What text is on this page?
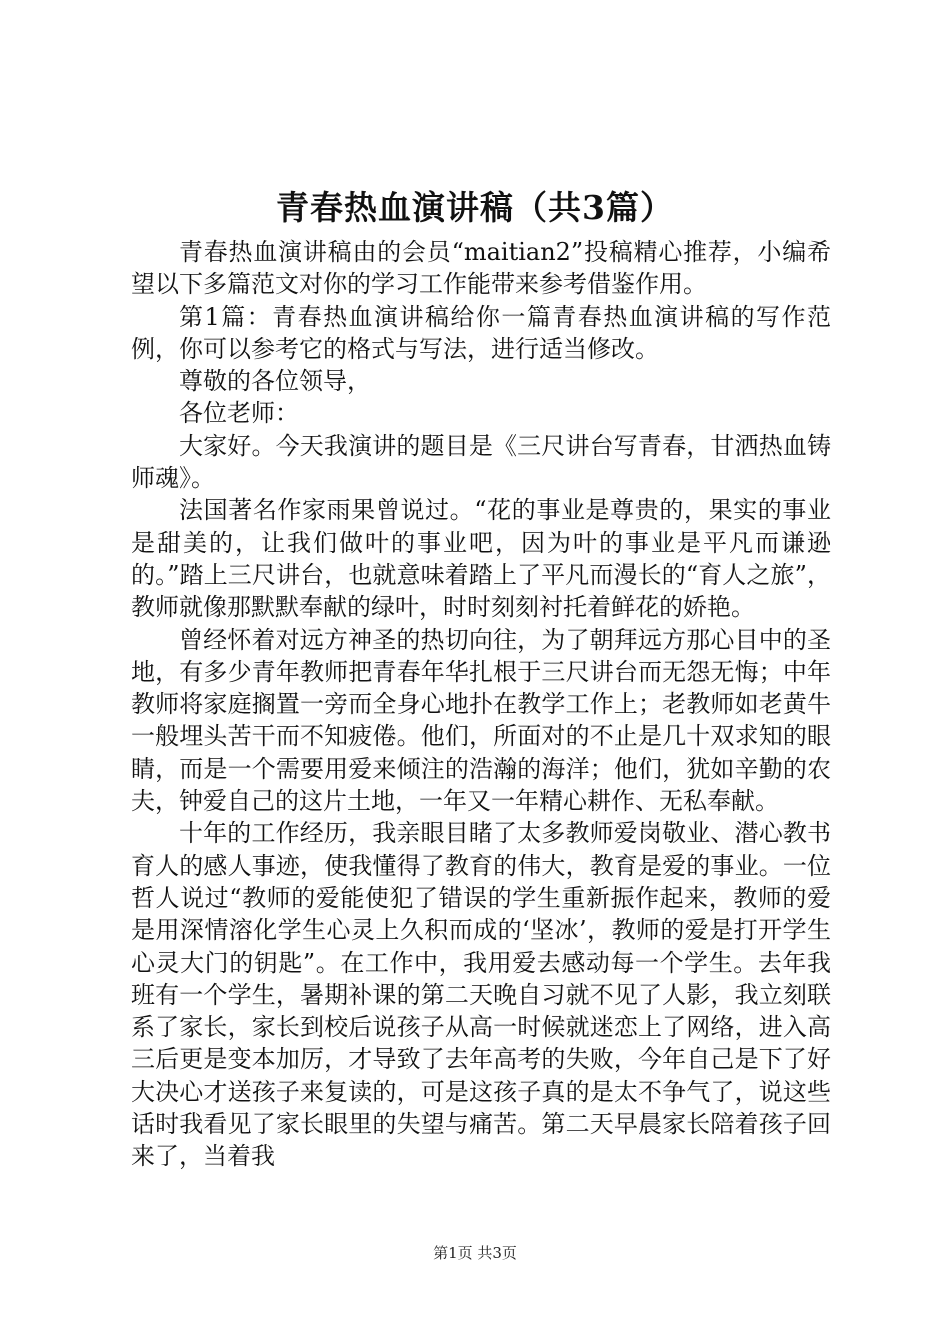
青春热血演讲稿（共3篇）

青春热血演讲稿由的会员“maitian2”投稿精心推荐，小编希望以下多篇范文对你的学习工作能带来参考借鉴作用。

第1篇：青春热血演讲稿给你一篇青春热血演讲稿的写作范例，你可以参考它的格式与写法，进行适当修改。

尊敬的各位领导，

各位老师：

大家好。今天我演讲的题目是《三尺讲台写青春，甘洒热血铸师魂》。

法国著名作家雨果曾说过。“花的事业是尊贵的，果实的事业是甜美的，让我们做叶的事业吧，因为叶的事业是平凡而谦逊的。”踏上三尺讲台，也就意味着踏上了平凡而漫长的“育人之旅”，教师就像那默默奉献的绿叶，时时刻刻衬托着鲜花的娇艳。

曾经怀着对远方神圣的热切向往，为了朝拜远方那心目中的圣地，有多少青年教师把青春年华扎根于三尺讲台而无怨无悔；中年教师将家庭搁置一旁而全身心地扑在教学工作上；老教师如老黄牛一般埋头苦干而不知疲倦。他们，所面对的不止是几十双求知的眼睛，而是一个需要用爱来倾注的浩瀚的海洋；他们，犹如辛勤的农夫，钟爱自己的这片土地，一年又一年精心耕作、无私奉献。

十年的工作经历，我亲眼目睹了太多教师爱岗敬业、潜心教书育人的感人事迹，使我懂得了教育的伟大，教育是爱的事业。一位哲人说过“教师的爱能使犯了错误的学生重新振作起来，教师的爱是用深情溶化学生心灵上久积而成的‘坚冰’，教师的爱是打开学生心灵大门的钥匙”。在工作中，我用爱去感动每一个学生。去年我班有一个学生，暑期补课的第二天晚自习就不见了人影，我立刻联系了家长，家长到校后说孩子从高一时候就迷恋上了网络，进入高三后更是变本加厉，才导致了去年高考的失败，今年自己是下了好大决心才送孩子来复读的，可是这孩子真的是太不争气了，说这些话时我看见了家长眼里的失望与痛苦。第二天早晨家长陪着孩子回来了，当着我

第1页 共3页
